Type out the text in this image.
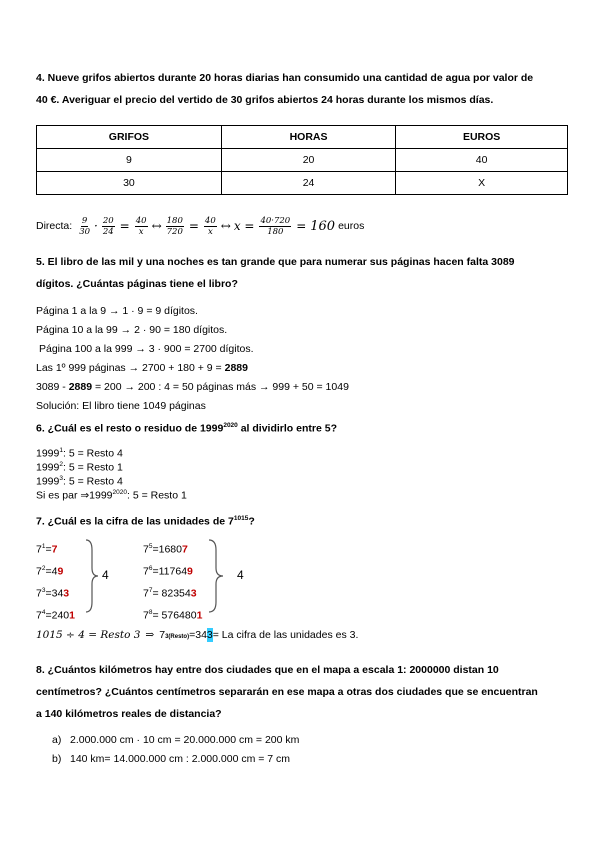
4. Nueve grifos abiertos durante 20 horas diarias han consumido una cantidad de agua por valor de
40 €. Averiguar el precio del vertido de 30 grifos abiertos 24 horas durante los mismos días.
GRIFOS	HORAS	EUROS
9	20	40
30	24	X
Directa: $\frac{9}{30} \cdot \frac{20}{24} = \frac{40}{x}$ ↔ $\frac{180}{720} = \frac{40}{x}$ ↔ $x = \frac{40\cdot 720}{180} = 160$ euros
5. El libro de las mil y una noches es tan grande que para numerar sus páginas hacen falta 3089
dígitos. ¿Cuántas páginas tiene el libro?
Página 1 a la 9 → 1 · 9 = 9 dígitos.
Página 10 a la 99 → 2 · 90 = 180 dígitos.
Página 100 a la 999 → 3 · 900 = 2700 dígitos.
Las 1º 999 páginas → 2700 + 180 + 9 = 2889
3089 - 2889 = 200 → 200 : 4 = 50 páginas más → 999 + 50 = 1049
Solución: El libro tiene 1049 páginas
6. ¿Cuál es el resto o residuo de $1999^{2020}$ al dividirlo entre 5?
1999$^1$: 5 = Resto 4
1999$^2$: 5 = Resto 1
1999$^3$: 5 = Resto 4
Si es par $\Rightarrow 1999^{2020}$: 5 = Resto 1
7. ¿Cuál es la cifra de las unidades de $7^{1015}$?
$7^1=7$
$7^2=49$
$7^3=343$
$7^4=2401$
4
$7^5=16807$
$7^6=117649$
$7^7= 823543$
$7^8= 5764801$
4
1015 ÷ 4 = Resto 3 ⇒ 7 3(Resto) =34 3 = La cifra de las unidades es 3.
8. ¿Cuántos kilómetros hay entre dos ciudades que en el mapa a escala 1: 2000000 distan 10
centímetros? ¿Cuántos centímetros separarán en ese mapa a otras dos ciudades que se encuentran
a 140 kilómetros reales de distancia?
a) 2.000.000 cm · 10 cm = 20.000.000 cm = 200 km
b) 140 km= 14.000.000 cm : 2.000.000 cm = 7 cm
